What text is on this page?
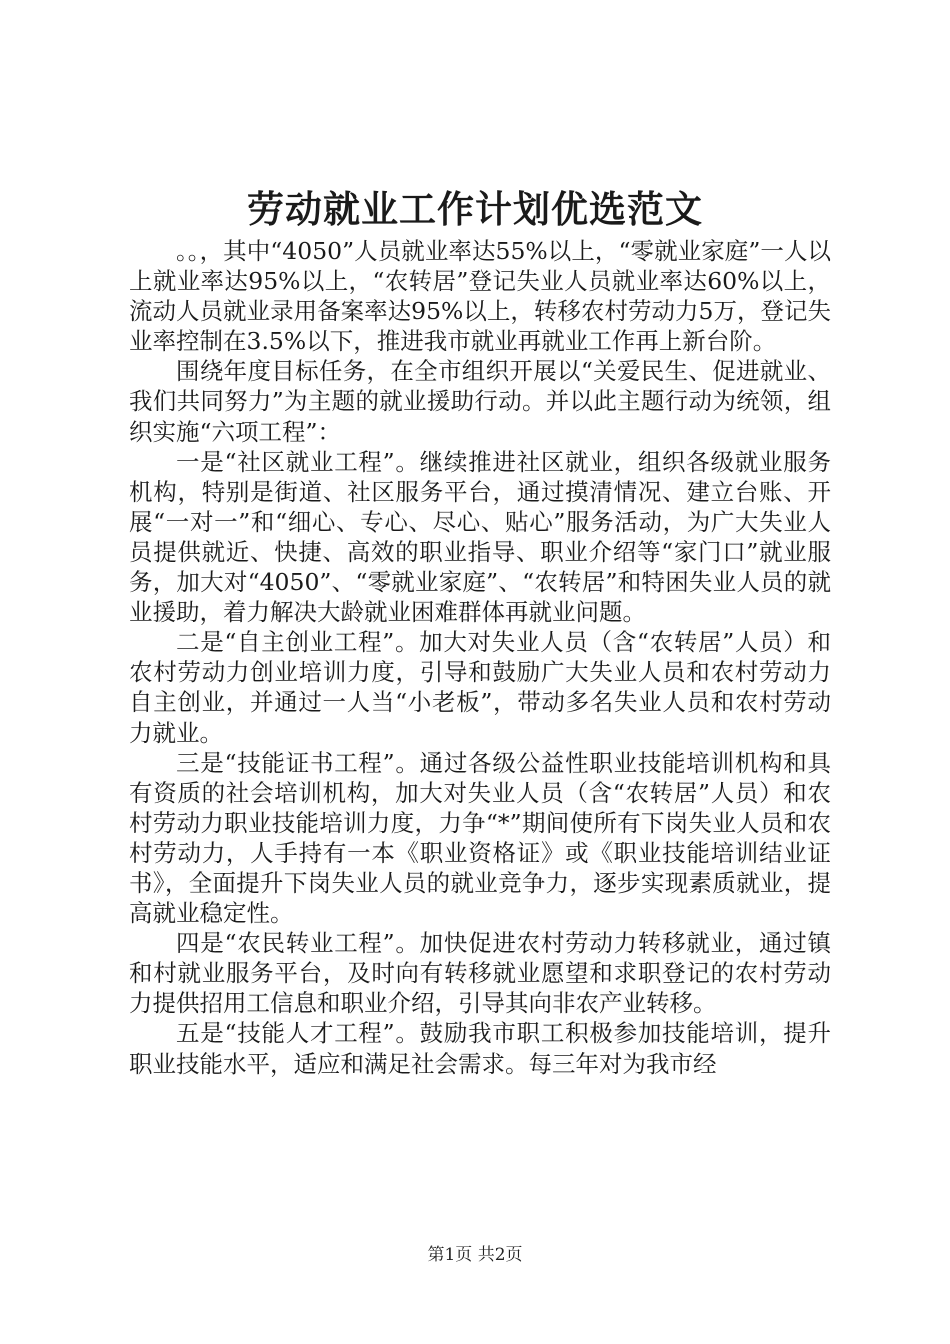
劳动就业工作计划优选范文

。。，其中“4050”人员就业率达55%以上，“零就业家庭”一人以上就业率达95%以上，“农转居”登记失业人员就业率达60%以上，流动人员就业录用备案率达95%以上，转移农村劳动力5万，登记失业率控制在3.5%以下，推进我市就业再就业工作再上新台阶。

围绕年度目标任务，在全市组织开展以“关爱民生、促进就业、我们共同努力”为主题的就业援助行动。并以此主题行动为统领，组织实施“六项工程”：

一是“社区就业工程”。继续推进社区就业，组织各级就业服务机构，特别是街道、社区服务平台，通过摸清情况、建立台账、开展“一对一”和“细心、专心、尽心、贴心”服务活动，为广大失业人员提供就近、快捷、高效的职业指导、职业介绍等“家门口”就业服务，加大对“4050”、“零就业家庭”、“农转居”和特困失业人员的就业援助，着力解决大龄就业困难群体再就业问题。

二是“自主创业工程”。加大对失业人员（含“农转居”人员）和农村劳动力创业培训力度，引导和鼓励广大失业人员和农村劳动力自主创业，并通过一人当“小老板”，带动多名失业人员和农村劳动力就业。

三是“技能证书工程”。通过各级公益性职业技能培训机构和具有资质的社会培训机构，加大对失业人员（含“农转居”人员）和农村劳动力职业技能培训力度，力争“*”期间使所有下岗失业人员和农村劳动力，人手持有一本《职业资格证》或《职业技能培训结业证书》，全面提升下岗失业人员的就业竞争力，逐步实现素质就业，提高就业稳定性。

四是“农民转业工程”。加快促进农村劳动力转移就业，通过镇和村就业服务平台，及时向有转移就业愿望和求职登记的农村劳动力提供招用工信息和职业介绍，引导其向非农产业转移。

五是“技能人才工程”。鼓励我市职工积极参加技能培训，提升职业技能水平，适应和满足社会需求。每三年对为我市经

第1页 共2页
